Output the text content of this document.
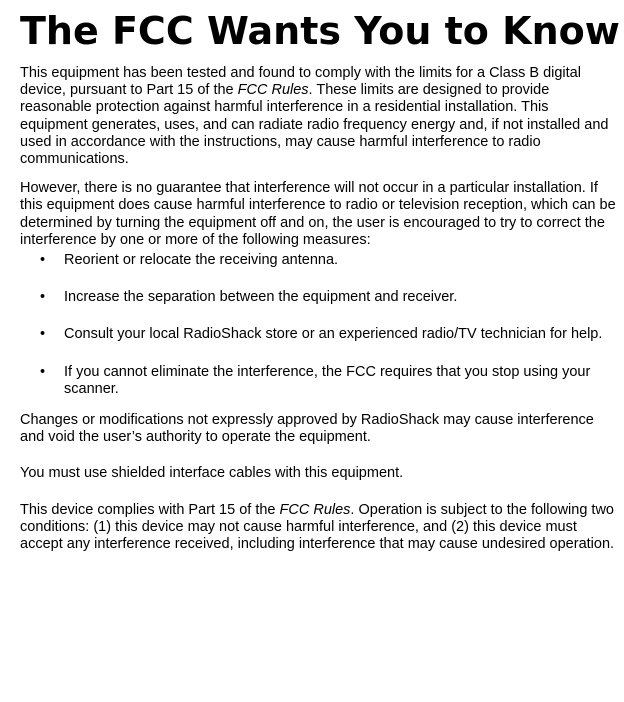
The FCC Wants You to Know

This equipment has been tested and found to comply with the limits for a Class B digital device, pursuant to Part 15 of the FCC Rules. These limits are designed to provide reasonable protection against harmful interference in a residential installation. This equipment generates, uses, and can radiate radio frequency energy and, if not installed and used in accordance with the instructions, may cause harmful interference to radio communications.

However, there is no guarantee that interference will not occur in a particular installation. If this equipment does cause harmful interference to radio or television reception, which can be determined by turning the equipment off and on, the user is encouraged to try to correct the interference by one or more of the following measures:

• Reorient or relocate the receiving antenna.
• Increase the separation between the equipment and receiver.
• Consult your local RadioShack store or an experienced radio/TV technician for help.
• If you cannot eliminate the interference, the FCC requires that you stop using your scanner.

Changes or modifications not expressly approved by RadioShack may cause interference and void the user’s authority to operate the equipment.

You must use shielded interface cables with this equipment.

This device complies with Part 15 of the FCC Rules. Operation is subject to the following two conditions: (1) this device may not cause harmful interference, and (2) this device must accept any interference received, including interference that may cause undesired operation.
